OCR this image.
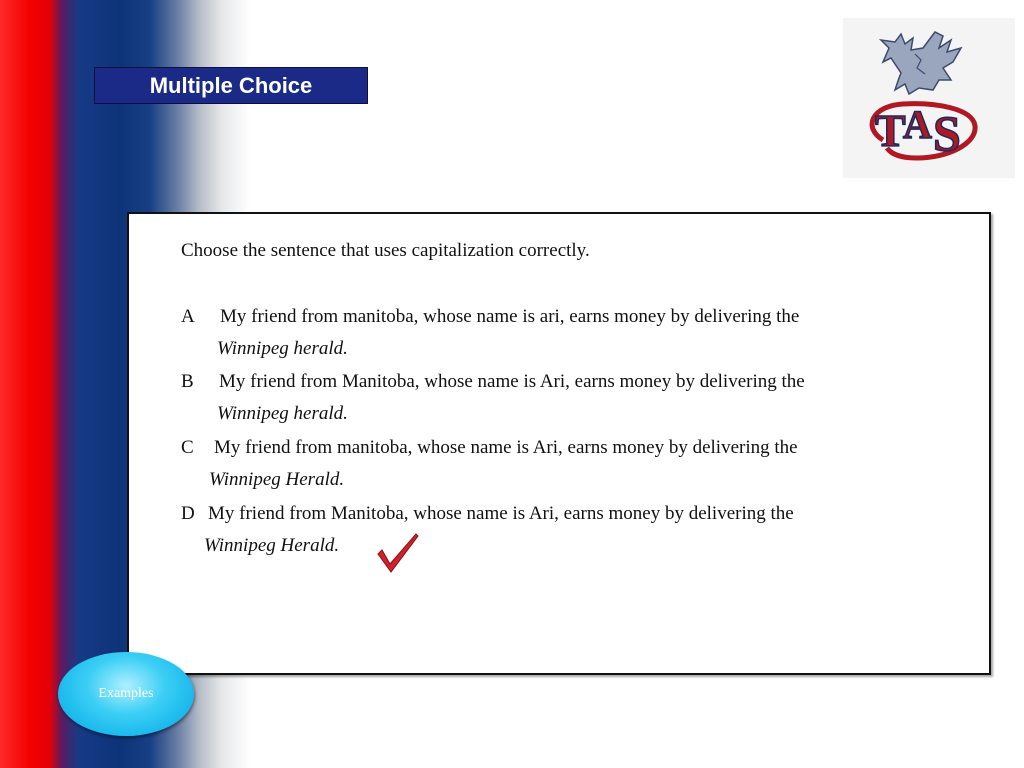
Multiple Choice
T
A S
Choose the sentence that uses capitalization correctly.
A My friend from manitoba, whose name is ari, earns money by delivering the
Winnipeg herald.
B My friend from Manitoba, whose name is Ari, earns money by delivering the
Winnipeg herald.
C My friend from manitoba, whose name is Ari, earns money by delivering the
Winnipeg Herald.
D My friend from Manitoba, whose name is Ari, earns money by delivering the
Winnipeg Herald.
Examples
